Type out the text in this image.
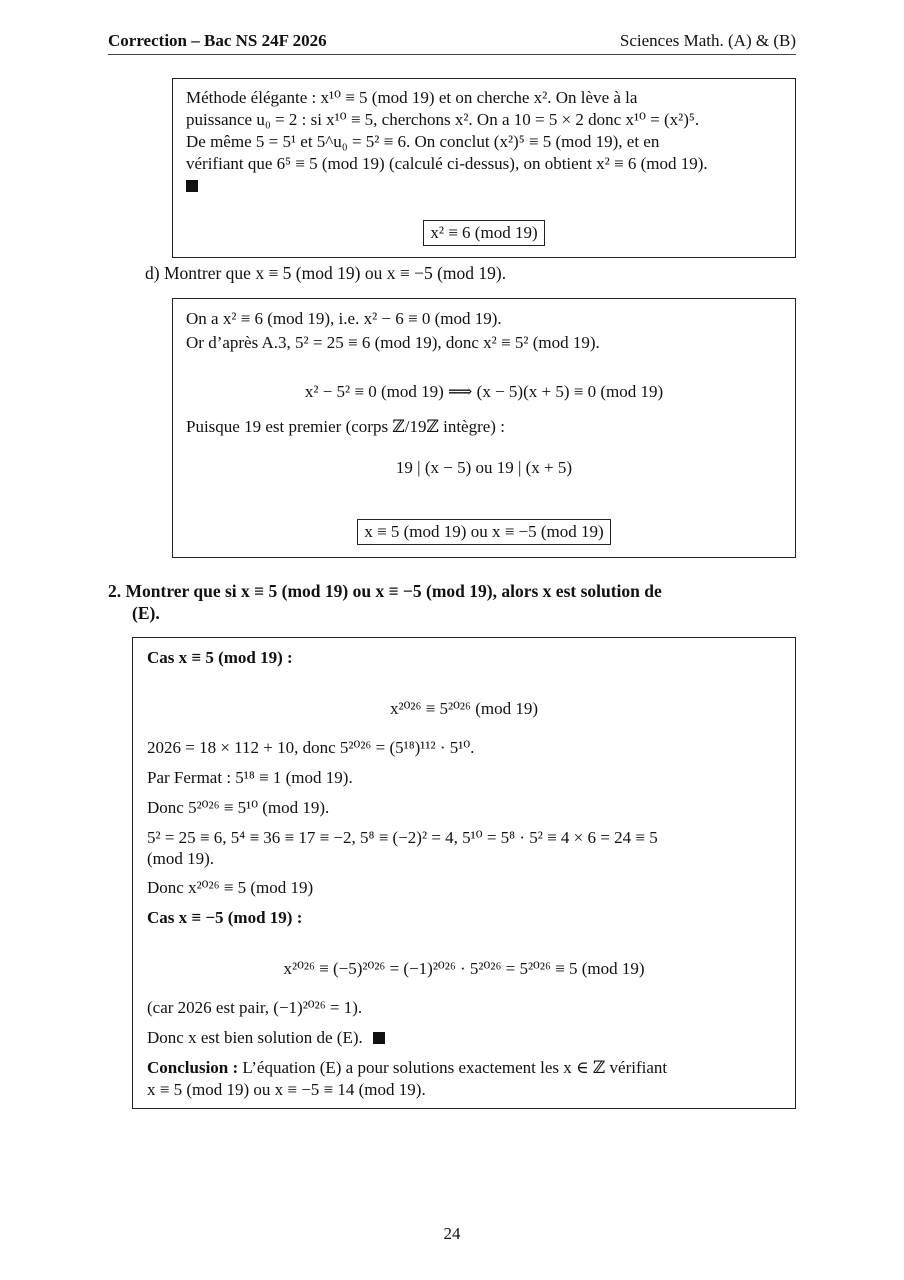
Correction – Bac NS 24F 2026	Sciences Math. (A) & (B)
Méthode élégante : x¹⁰ ≡ 5 (mod 19) et on cherche x². On lève à la
puissance u₀ = 2 : si x¹⁰ ≡ 5, cherchons x². On a 10 = 5 × 2 donc x¹⁰ = (x²)⁵.
De même 5 = 5¹ et 5^u₀ = 5² ≡ 6. On conclut (x²)⁵ ≡ 5 (mod 19), et en
vérifiant que 6⁵ ≡ 5 (mod 19) (calculé ci-dessus), on obtient x² ≡ 6 (mod 19).
x² ≡ 6 (mod 19)
d) Montrer que x ≡ 5 (mod 19) ou x ≡ −5 (mod 19).
On a x² ≡ 6 (mod 19), i.e. x² − 6 ≡ 0 (mod 19).
Or d’après A.3, 5² = 25 ≡ 6 (mod 19), donc x² ≡ 5² (mod 19).
x² − 5² ≡ 0 (mod 19) ⟹ (x − 5)(x + 5) ≡ 0 (mod 19)
Puisque 19 est premier (corps ℤ/19ℤ intègre) :
19 | (x − 5) ou 19 | (x + 5)
x ≡ 5 (mod 19) ou x ≡ −5 (mod 19)
2. Montrer que si x ≡ 5 (mod 19) ou x ≡ −5 (mod 19), alors x est solution de
(E).
Cas x ≡ 5 (mod 19) :
x²⁰²⁶ ≡ 5²⁰²⁶ (mod 19)
2026 = 18 × 112 + 10, donc 5²⁰²⁶ = (5¹⁸)¹¹² · 5¹⁰.
Par Fermat : 5¹⁸ ≡ 1 (mod 19).
Donc 5²⁰²⁶ ≡ 5¹⁰ (mod 19).
5² = 25 ≡ 6, 5⁴ ≡ 36 ≡ 17 ≡ −2, 5⁸ ≡ (−2)² = 4, 5¹⁰ = 5⁸ · 5² ≡ 4 × 6 = 24 ≡ 5
(mod 19).
Donc x²⁰²⁶ ≡ 5 (mod 19)
Cas x ≡ −5 (mod 19) :
x²⁰²⁶ ≡ (−5)²⁰²⁶ = (−1)²⁰²⁶ · 5²⁰²⁶ = 5²⁰²⁶ ≡ 5 (mod 19)
(car 2026 est pair, (−1)²⁰²⁶ = 1).
Donc x est bien solution de (E).
Conclusion : L’équation (E) a pour solutions exactement les x ∈ ℤ vérifiant
x ≡ 5 (mod 19) ou x ≡ −5 ≡ 14 (mod 19).
24
